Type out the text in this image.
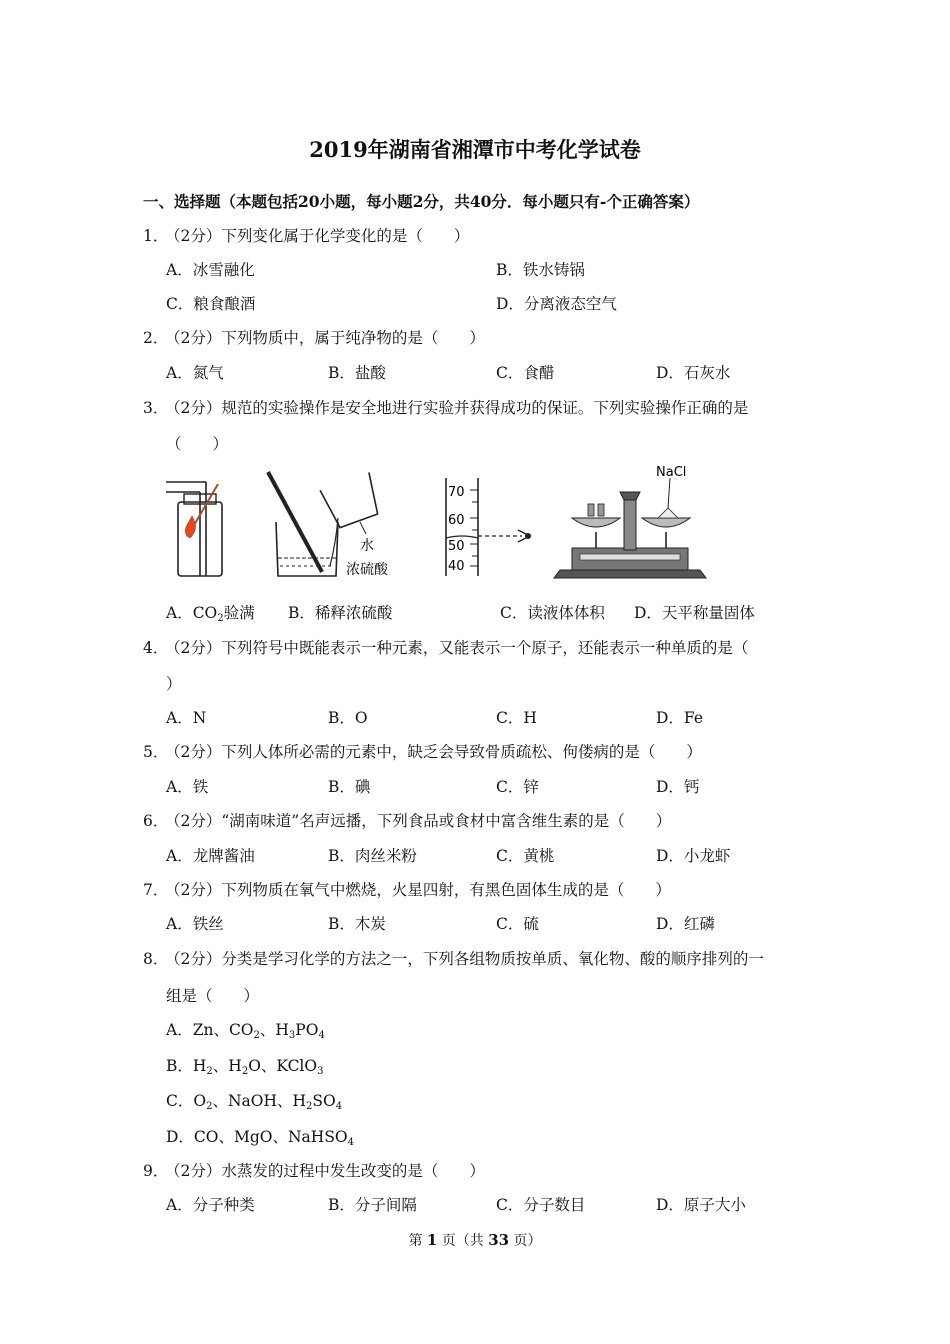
2019年湖南省湘潭市中考化学试卷
一、选择题（本题包括20小题，每小题2分，共40分．每小题只有-个正确答案）
1．（2分）下列变化属于化学变化的是（　　）
A．冰雪融化	B．铁水铸锅
C．粮食酿酒	D．分离液态空气
2．（2分）下列物质中，属于纯净物的是（　　）
A．氮气	B．盐酸	C．食醋	D．石灰水
3．（2分）规范的实验操作是安全地进行实验并获得成功的保证。下列实验操作正确的是
（　　）
水
浓硫酸
70
60
50
40
NaCl
A．$CO_2$验满 B．稀释浓硫酸	C．读液体体积 D．天平称量固体
4．（2分）下列符号中既能表示一种元素，又能表示一个原子，还能表示一种单质的是（
）
A．N	B．O	C．H	D．Fe
5．（2分）下列人体所必需的元素中，缺乏会导致骨质疏松、佝偻病的是（　　）
A．铁	B．碘	C．锌	D．钙
6．（2分）“湖南味道”名声远播，下列食品或食材中富含维生素的是（　　）
A．龙牌酱油	B．肉丝米粉	C．黄桃	D．小龙虾
7．（2分）下列物质在氧气中燃烧，火星四射，有黑色固体生成的是（　　）
A．铁丝	B．木炭	C．硫	D．红磷
8．（2分）分类是学习化学的方法之一，下列各组物质按单质、氧化物、酸的顺序排列的一
组是（　　）
A．Zn、$CO_2$、$H_3PO_4$
B．$H_2$、$H_2O$、KClO$_3$
C．$O_2$、NaOH、$H_2SO_4$
D．CO、MgO、NaHSO$_4$
9．（2分）水蒸发的过程中发生改变的是（　　）
A．分子种类	B．分子间隔	C．分子数目	D．原子大小
第 1 页（共 33 页）
